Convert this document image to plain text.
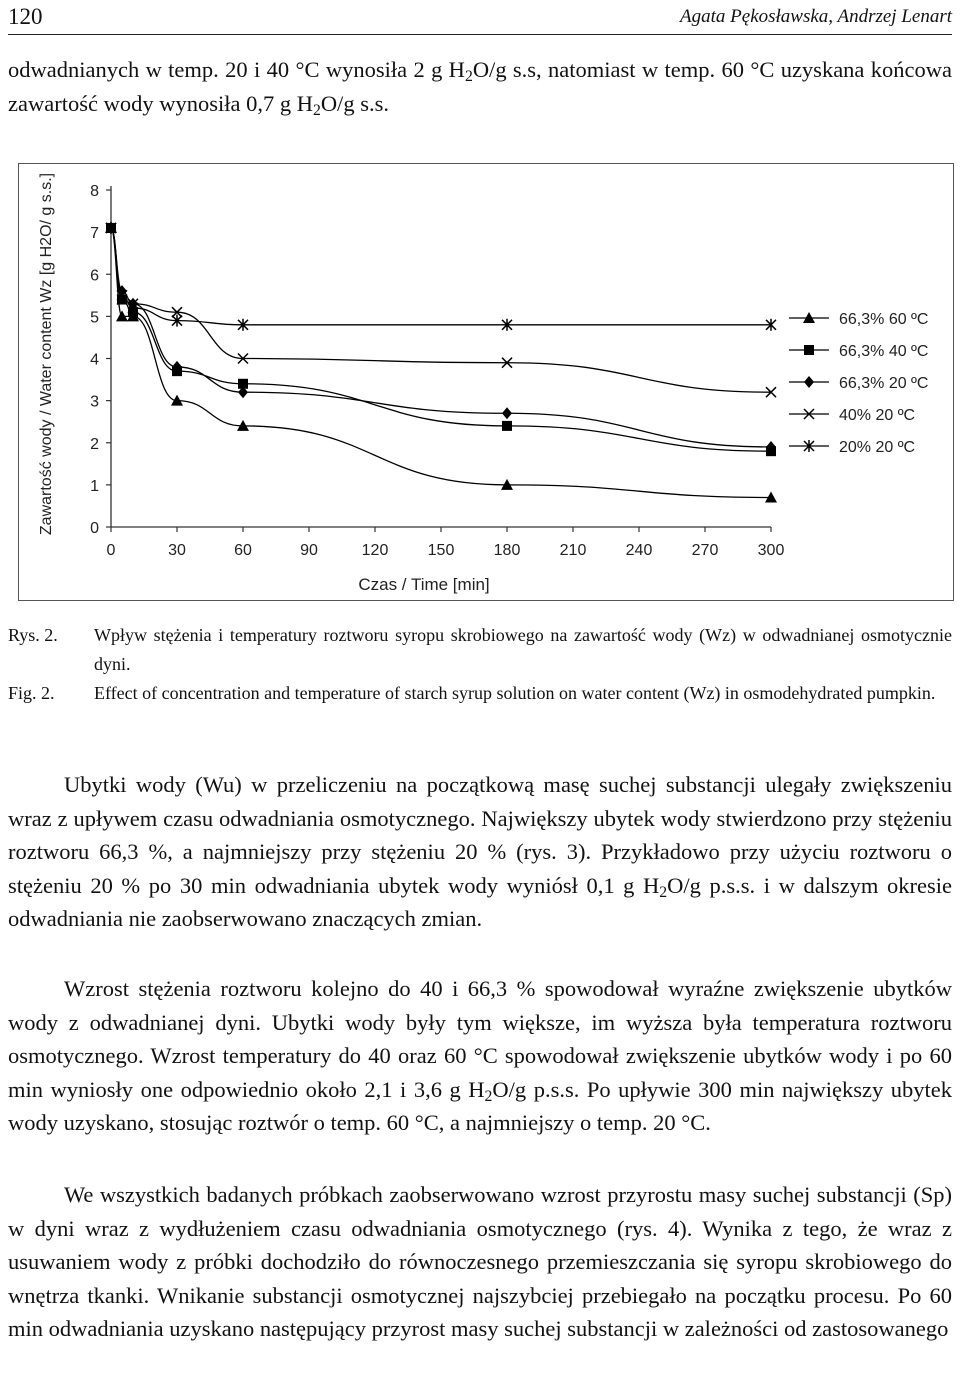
120	Agata Pękosławska, Andrzej Lenart
odwadnianych w temp. 20 i 40 °C wynosiła 2 g $H_2O/g$ s.s, natomiast w temp. 60 °C uzyskana końcowa zawartość wody wynosiła 0,7 g $H_2O/g$ s.s.
0
1
2
3
4
5
6
7
8
0	30	60	90	120 150 180 210 240 270 300
66,3% 60 ºC
66,3% 40 ºC
66,3% 20 ºC
40% 20 ºC
20% 20 ºC
Czas / Time [min]
Zawartość wody / Water content Wz [g H2O/ g s.s.]
Rys. 2. Wpływ stężenia i temperatury roztworu syropu skrobiowego na zawartość wody (Wz) w odwadnianej osmotycznie dyni.
Fig. 2. Effect of concentration and temperature of starch syrup solution on water content (Wz) in osmodehydrated pumpkin.
Ubytki wody (Wu) w przeliczeniu na początkową masę suchej substancji ulegały zwiększeniu wraz z upływem czasu odwadniania osmotycznego. Największy ubytek wody stwierdzono przy stężeniu roztworu 66,3 %, a najmniejszy przy stężeniu 20 % (rys. 3). Przykładowo przy użyciu roztworu o stężeniu 20 % po 30 min odwadniania ubytek wody wyniósł 0,1 g $H_2O/g$ p.s.s. i w dalszym okresie odwadniania nie zaobserwowano znaczących zmian.
Wzrost stężenia roztworu kolejno do 40 i 66,3 % spowodował wyraźne zwiększenie ubytków wody z odwadnianej dyni. Ubytki wody były tym większe, im wyższa była temperatura roztworu osmotycznego. Wzrost temperatury do 40 oraz 60 °C spowodował zwiększenie ubytków wody i po 60 min wyniosły one odpowiednio około 2,1 i 3,6 g $H_2O/g$ p.s.s. Po upływie 300 min największy ubytek wody uzyskano, stosując roztwór o temp. 60 °C, a najmniejszy o temp. 20 °C.
We wszystkich badanych próbkach zaobserwowano wzrost przyrostu masy suchej substancji (Sp) w dyni wraz z wydłużeniem czasu odwadniania osmotycznego (rys. 4). Wynika z tego, że wraz z usuwaniem wody z próbki dochodziło do równoczesnego przemieszczania się syropu skrobiowego do wnętrza tkanki. Wnikanie substancji osmotycznej najszybciej przebiegało na początku procesu. Po 60 min odwadniania uzyskano następujący przyrost masy suchej substancji w zależności od zastosowanego
